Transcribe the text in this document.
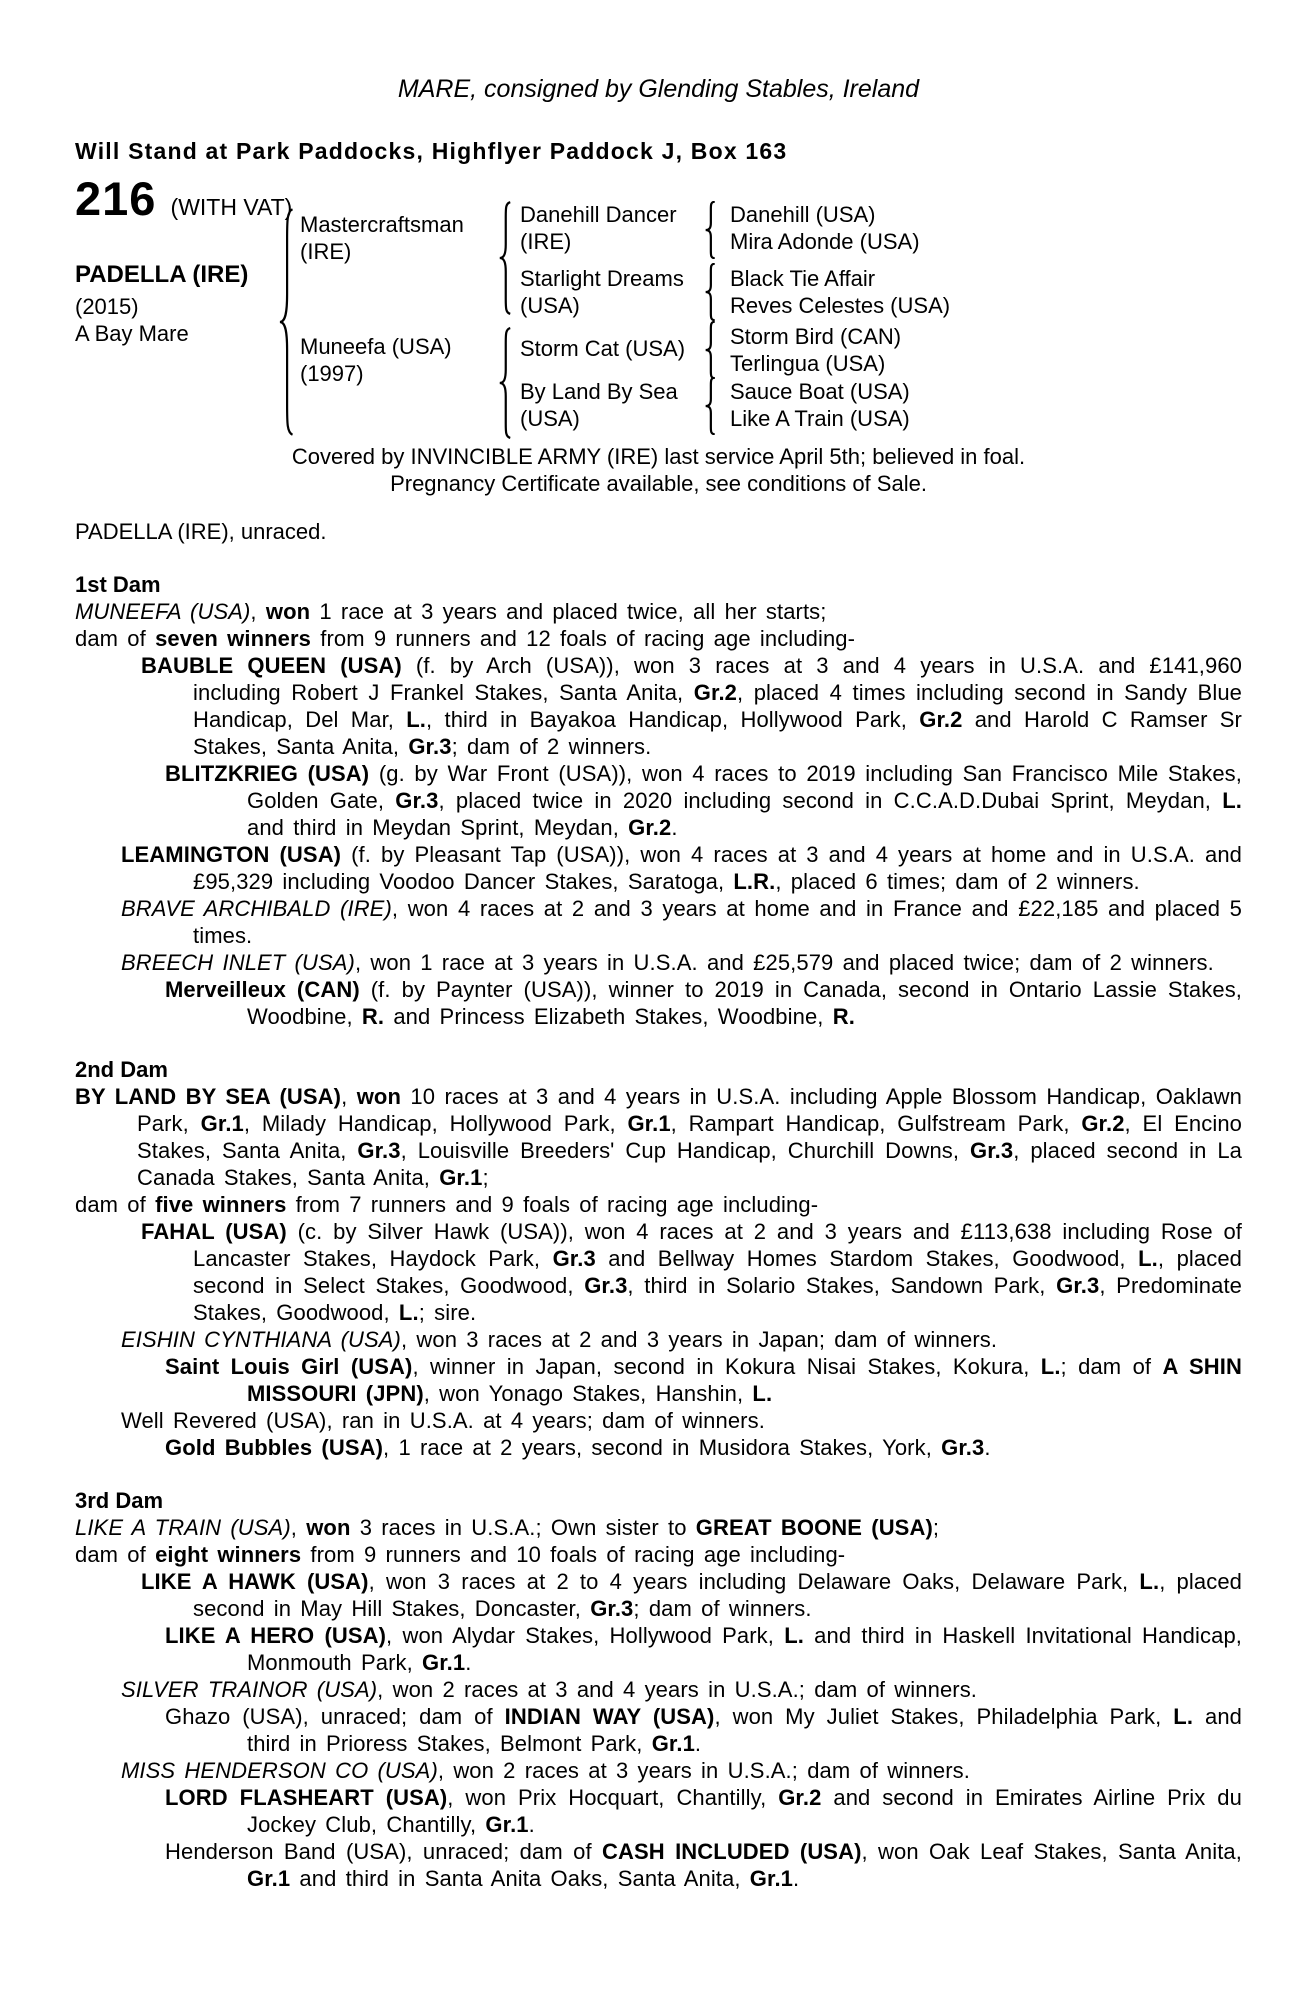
MARE, consigned by Glending Stables, Ireland
Will Stand at Park Paddocks, Highflyer Paddock J, Box 163
216 (WITH VAT)
PADELLA (IRE)
(2015)
A Bay Mare
Mastercraftsman
(IRE)
Muneefa (USA)
(1997)
Danehill Dancer
(IRE)
Starlight Dreams
(USA)
Storm Cat (USA)
By Land By Sea
(USA)
Danehill (USA)
Mira Adonde (USA)
Black Tie Affair
Reves Celestes (USA)
Storm Bird (CAN)
Terlingua (USA)
Sauce Boat (USA)
Like A Train (USA)
Covered by INVINCIBLE ARMY (IRE) last service April 5th; believed in foal.
Pregnancy Certificate available, see conditions of Sale.
PADELLA (IRE), unraced.
1st Dam

MUNEEFA (USA), won 1 race at 3 years and placed twice, all her starts;

dam of seven winners from 9 runners and 12 foals of racing age including-

BAUBLE QUEEN (USA) (f. by Arch (USA)), won 3 races at 3 and 4 years in U.S.A. and £141,960 including Robert J Frankel Stakes, Santa Anita, Gr.2, placed 4 times including second in Sandy Blue Handicap, Del Mar, L., third in Bayakoa Handicap, Hollywood Park, Gr.2 and Harold C Ramser Sr Stakes, Santa Anita, Gr.3; dam of 2 winners.

BLITZKRIEG (USA) (g. by War Front (USA)), won 4 races to 2019 including San Francisco Mile Stakes, Golden Gate, Gr.3, placed twice in 2020 including second in C.C.A.D.Dubai Sprint, Meydan, L. and third in Meydan Sprint, Meydan, Gr.2.

LEAMINGTON (USA) (f. by Pleasant Tap (USA)), won 4 races at 3 and 4 years at home and in U.S.A. and £95,329 including Voodoo Dancer Stakes, Saratoga, L.R., placed 6 times; dam of 2 winners.

BRAVE ARCHIBALD (IRE), won 4 races at 2 and 3 years at home and in France and £22,185 and placed 5 times.

BREECH INLET (USA), won 1 race at 3 years in U.S.A. and £25,579 and placed twice; dam of 2 winners.

Merveilleux (CAN) (f. by Paynter (USA)), winner to 2019 in Canada, second in Ontario Lassie Stakes, Woodbine, R. and Princess Elizabeth Stakes, Woodbine, R.

2nd Dam

BY LAND BY SEA (USA), won 10 races at 3 and 4 years in U.S.A. including Apple Blossom Handicap, Oaklawn Park, Gr.1, Milady Handicap, Hollywood Park, Gr.1, Rampart Handicap, Gulfstream Park, Gr.2, El Encino Stakes, Santa Anita, Gr.3, Louisville Breeders' Cup Handicap, Churchill Downs, Gr.3, placed second in La Canada Stakes, Santa Anita, Gr.1;

dam of five winners from 7 runners and 9 foals of racing age including-

FAHAL (USA) (c. by Silver Hawk (USA)), won 4 races at 2 and 3 years and £113,638 including Rose of Lancaster Stakes, Haydock Park, Gr.3 and Bellway Homes Stardom Stakes, Goodwood, L., placed second in Select Stakes, Goodwood, Gr.3, third in Solario Stakes, Sandown Park, Gr.3, Predominate Stakes, Goodwood, L.; sire.

EISHIN CYNTHIANA (USA), won 3 races at 2 and 3 years in Japan; dam of winners.

Saint Louis Girl (USA), winner in Japan, second in Kokura Nisai Stakes, Kokura, L.; dam of A SHIN MISSOURI (JPN), won Yonago Stakes, Hanshin, L.

Well Revered (USA), ran in U.S.A. at 4 years; dam of winners.

Gold Bubbles (USA), 1 race at 2 years, second in Musidora Stakes, York, Gr.3.

3rd Dam

LIKE A TRAIN (USA), won 3 races in U.S.A.; Own sister to GREAT BOONE (USA);

dam of eight winners from 9 runners and 10 foals of racing age including-

LIKE A HAWK (USA), won 3 races at 2 to 4 years including Delaware Oaks, Delaware Park, L., placed second in May Hill Stakes, Doncaster, Gr.3; dam of winners.

LIKE A HERO (USA), won Alydar Stakes, Hollywood Park, L. and third in Haskell Invitational Handicap, Monmouth Park, Gr.1.

SILVER TRAINOR (USA), won 2 races at 3 and 4 years in U.S.A.; dam of winners.

Ghazo (USA), unraced; dam of INDIAN WAY (USA), won My Juliet Stakes, Philadelphia Park, L. and third in Prioress Stakes, Belmont Park, Gr.1.

MISS HENDERSON CO (USA), won 2 races at 3 years in U.S.A.; dam of winners.

LORD FLASHEART (USA), won Prix Hocquart, Chantilly, Gr.2 and second in Emirates Airline Prix du Jockey Club, Chantilly, Gr.1.

Henderson Band (USA), unraced; dam of CASH INCLUDED (USA), won Oak Leaf Stakes, Santa Anita, Gr.1 and third in Santa Anita Oaks, Santa Anita, Gr.1.
